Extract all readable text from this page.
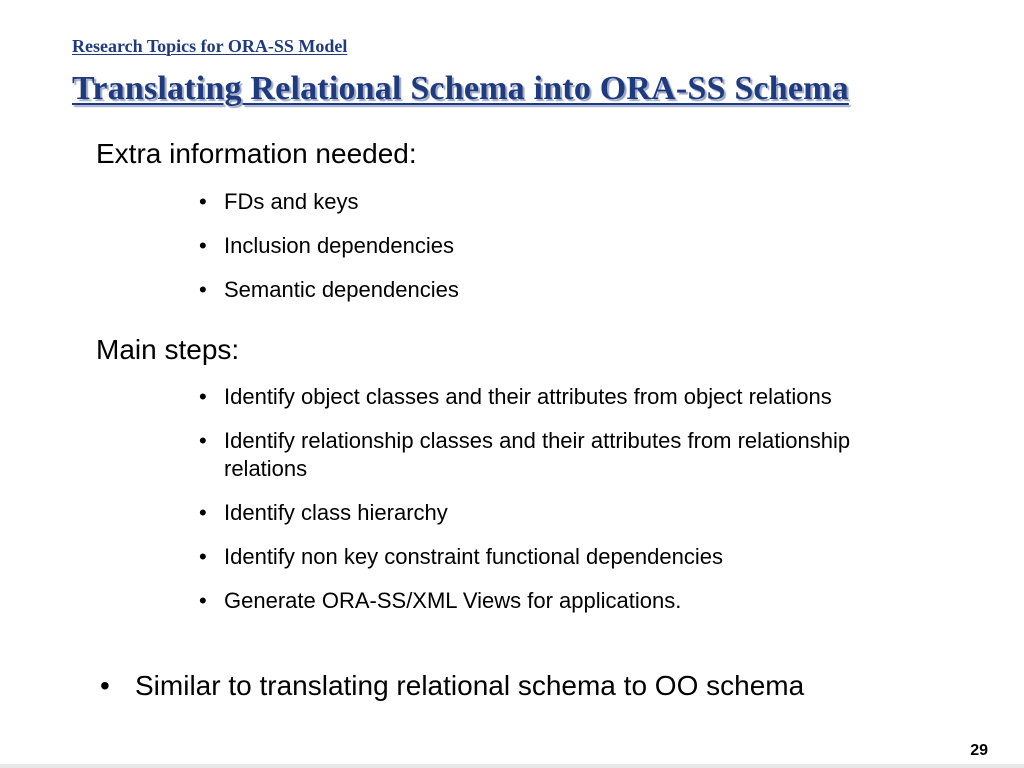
Research Topics for ORA-SS Model
Translating Relational Schema into ORA-SS Schema
Extra information needed:
• FDs and keys
• Inclusion dependencies
• Semantic dependencies
Main steps:
• Identify object classes and their attributes from object relations
• Identify relationship classes and their attributes from relationship relations
• Identify class hierarchy
• Identify non key constraint functional dependencies
• Generate ORA-SS/XML Views for applications.
• Similar to translating relational schema to OO schema
29
